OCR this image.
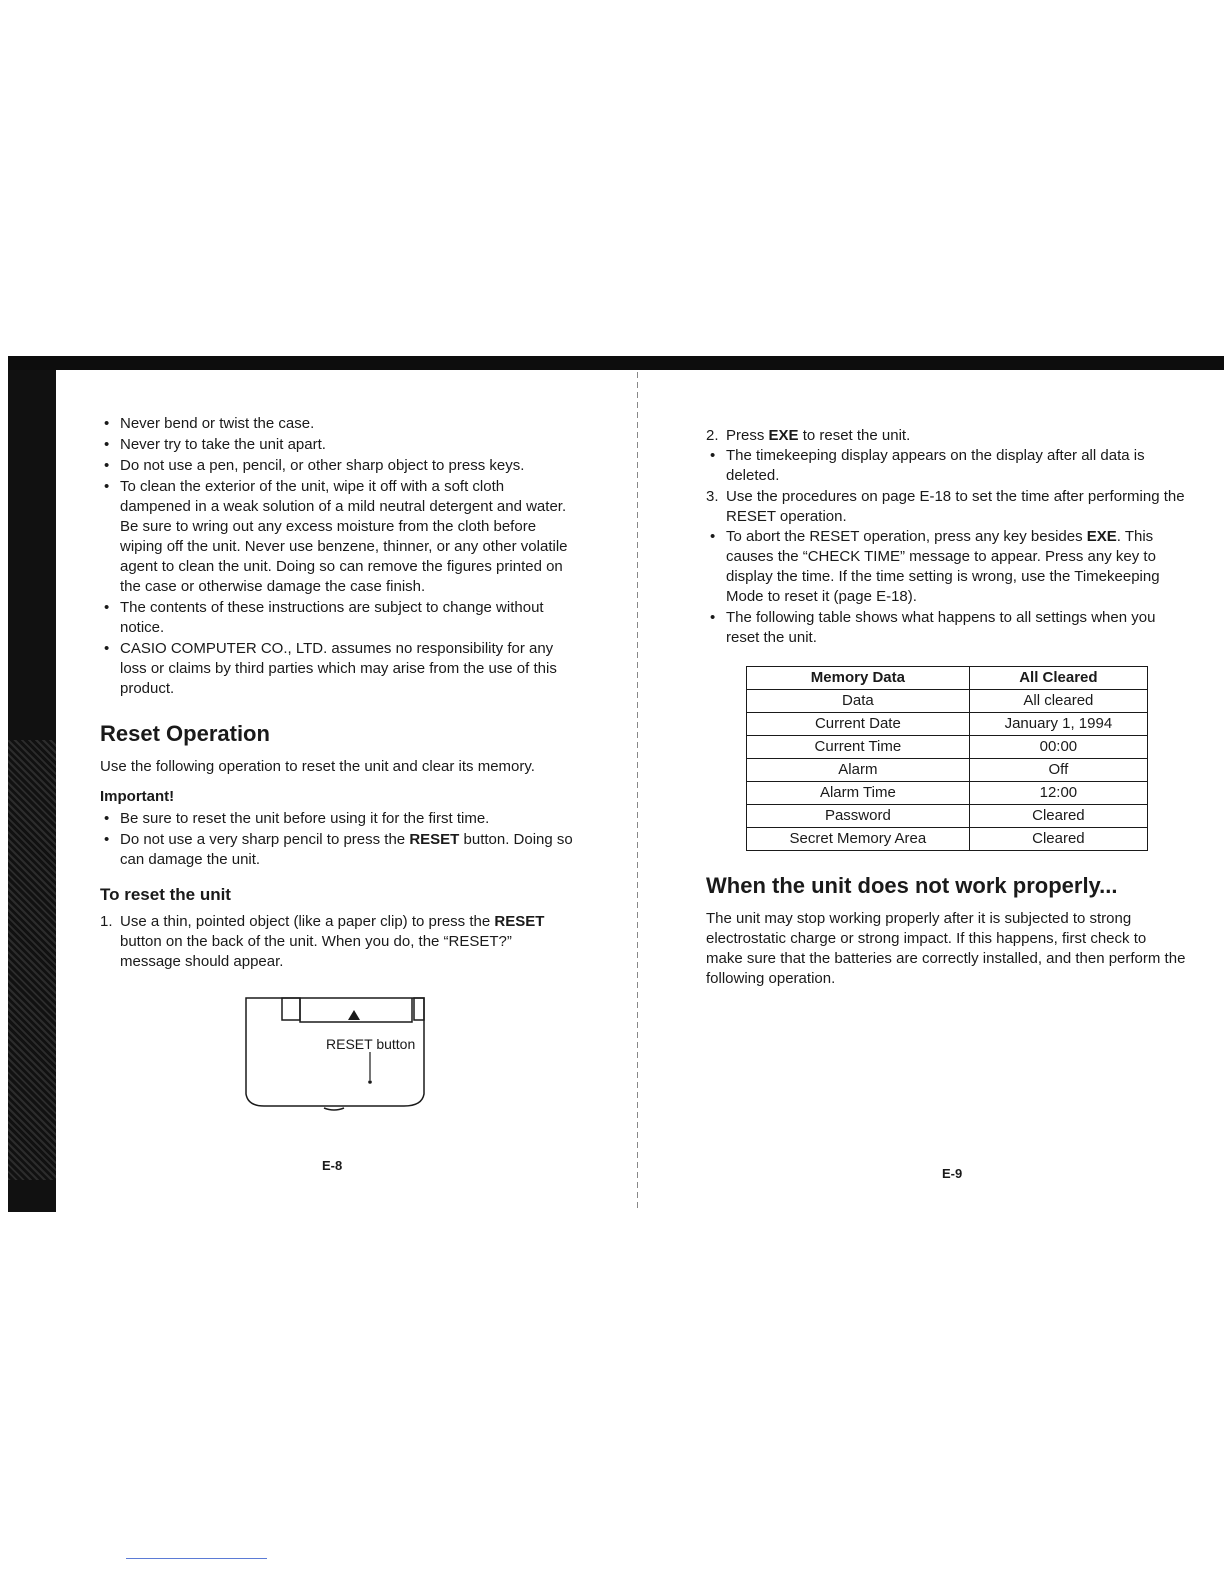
• Never bend or twist the case.
• Never try to take the unit apart.
• Do not use a pen, pencil, or other sharp object to press keys.
• To clean the exterior of the unit, wipe it off with a soft cloth dampened in a weak solution of a mild neutral detergent and water. Be sure to wring out any excess moisture from the cloth before wiping off the unit. Never use benzene, thinner, or any other volatile agent to clean the unit. Doing so can remove the figures printed on the case or otherwise damage the case finish.
• The contents of these instructions are subject to change without notice.
• CASIO COMPUTER CO., LTD. assumes no responsibility for any loss or claims by third parties which may arise from the use of this product.
Reset Operation

Use the following operation to reset the unit and clear its memory.

Important!
• Be sure to reset the unit before using it for the first time.
• Do not use a very sharp pencil to press the RESET button. Doing so can damage the unit.
To reset the unit
1. Use a thin, pointed object (like a paper clip) to press the RESET button on the back of the unit. When you do, the “RESET?” message should appear.
RESET button
E-8
2. Press EXE to reset the unit.
• The timekeeping display appears on the display after all data is deleted.
3. Use the procedures on page E-18 to set the time after performing the RESET operation.
• To abort the RESET operation, press any key besides EXE. This causes the “CHECK TIME” message to appear. Press any key to display the time. If the time setting is wrong, use the Timekeeping Mode to reset it (page E-18).
• The following table shows what happens to all settings when you reset the unit.
Memory Data	All Cleared
Data	All cleared
Current Date	January 1, 1994
Current Time	00:00
Alarm	Off
Alarm Time	12:00
Password	Cleared
Secret Memory Area	Cleared
When the unit does not work properly...

The unit may stop working properly after it is subjected to strong electrostatic charge or strong impact. If this happens, first check to make sure that the batteries are correctly installed, and then perform the following operation.

E-9
